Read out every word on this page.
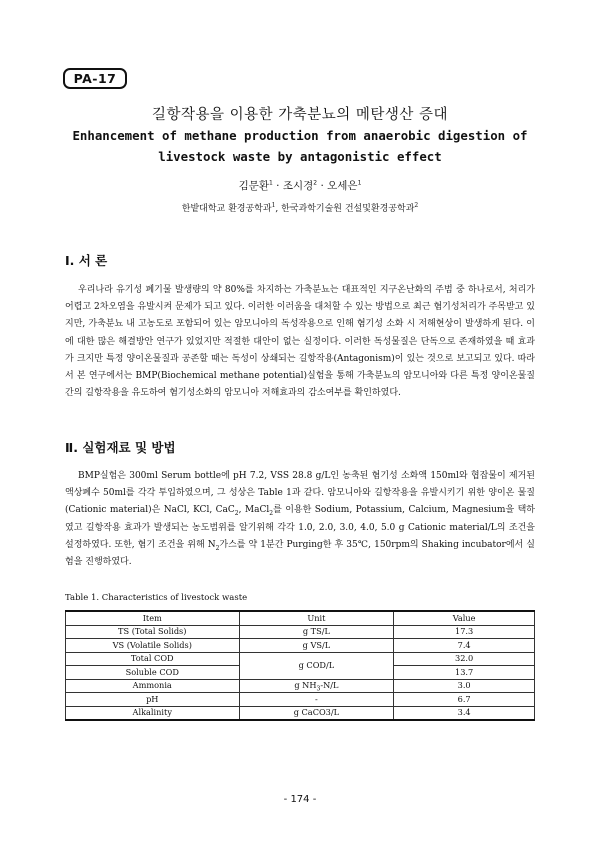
PA-17
길항작용을 이용한 가축분뇨의 메탄생산 증대
Enhancement of methane production from anaerobic digestion of livestock waste by antagonistic effect
김문환$^1$ · 조시경$^2$ · 오세은$^1$
한밭대학교 환경공학과$^1$, 한국과학기술원 건설및환경공학과$^2$
Ⅰ. 서 론

우리나라 유기성 폐기물 발생량의 약 80%를 차지하는 가축분뇨는 대표적인 지구온난화의 주범 중 하나로서, 처리가 어렵고 2차오염을 유발시켜 문제가 되고 있다. 이러한 이러움을 대처할 수 있는 방법으로 최근 혐기성처리가 주목받고 있지만, 가축분뇨 내 고농도로 포함되어 있는 암모니아의 독성작용으로 인해 혐기성 소화 시 저해현상이 발생하게 된다. 이에 대한 많은 해결방안 연구가 있었지만 적절한 대안이 없는 실정이다. 이러한 독성물질은 단독으로 존재하였을 때 효과가 크지만 특정 양이온물질과 공존할 때는 독성이 상쇄되는 길항작용(Antagonism)이 있는 것으로 보고되고 있다. 따라서 본 연구에서는 BMP(Biochemical methane potential)실험을 통해 가축분뇨의 암모니아와 다른 특정 양이온물질간의 길항작용을 유도하여 혐기성소화의 암모니아 저해효과의 감소여부를 확인하였다.

Ⅱ. 실험재료 및 방법

BMP실험은 300ml Serum bottle에 pH 7.2, VSS 28.8 g/L인 농축된 혐기성 소화액 150ml와 협잡물이 제거된 액상폐수 50ml를 각각 투입하였으며, 그 성상은 Table 1과 같다. 암모니아와 길항작용을 유발시키기 위한 양이온 물질(Cationic material)은 NaCl, KCl, CaC$_2$, MaCl$_2$를 이용한 Sodium, Potassium, Calcium, Magnesium을 택하였고 길항작용 효과가 발생되는 농도범위를 알기위해 각각 1.0, 2.0, 3.0, 4.0, 5.0 g Cationic material/L의 조건을 설정하였다. 또한, 혐기 조건을 위해 $N_2$가스를 약 1분간 Purging한 후 35℃, 150rpm의 Shaking incubator에서 실험을 진행하였다.

Table 1. Characteristics of livestock waste
Item	Unit	Value
TS (Total Solids)	g TS/L	17.3
VS (Volatile Solids)	g VS/L	7.4
Total COD	g COD/L	32.0
Soluble COD		13.7
Ammonia	g $NH_3-N/L$	3.0
pH	-	6.7
Alkalinity	g CaCO3/L	3.4
- 174 -
